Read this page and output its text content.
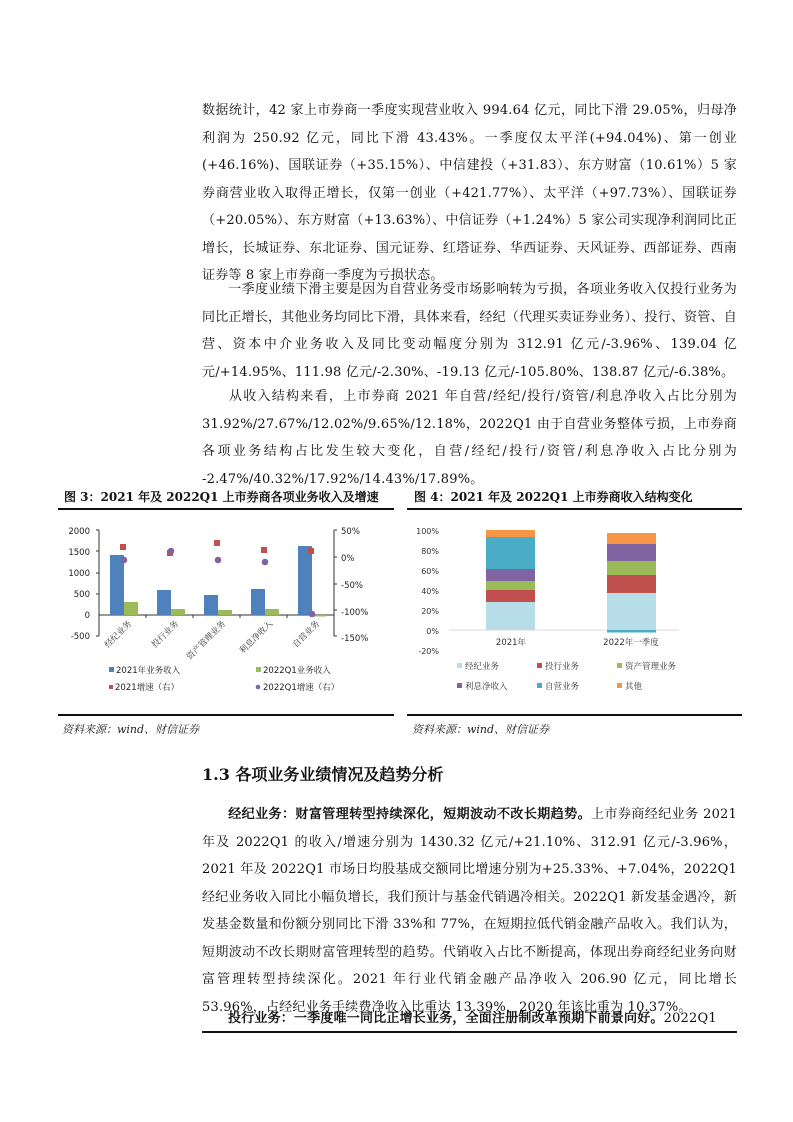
数据统计，42 家上市券商一季度实现营业收入 994.64 亿元，同比下滑 29.05%，归母净利润为 250.92 亿元，同比下滑 43.43%。一季度仅太平洋(+94.04%)、第一创业(+46.16%)、国联证券（+35.15%）、中信建投（+31.83）、东方财富（10.61%）5 家券商营业收入取得正增长，仅第一创业（+421.77%）、太平洋（+97.73%）、国联证券（+20.05%）、东方财富（+13.63%）、中信证券（+1.24%）5 家公司实现净利润同比正增长，长城证券、东北证券、国元证券、红塔证券、华西证券、天风证券、西部证券、西南证券等 8 家上市券商一季度为亏损状态。

一季度业绩下滑主要是因为自营业务受市场影响转为亏损，各项业务收入仅投行业务为同比正增长，其他业务均同比下滑，具体来看，经纪（代理买卖证券业务）、投行、资管、自营、资本中介业务收入及同比变动幅度分别为 312.91 亿元/-3.96%、139.04 亿元/+14.95%、111.98 亿元/-2.30%、-19.13 亿元/-105.80%、138.87 亿元/-6.38%。

从收入结构来看，上市券商 2021 年自营/经纪/投行/资管/利息净收入占比分别为 31.92%/27.67%/12.02%/9.65%/12.18%，2022Q1 由于自营业务整体亏损，上市券商各项业务结构占比发生较大变化，自营/经纪/投行/资管/利息净收入占比分别为 -2.47%/40.32%/17.92%/14.43%/17.89%。

图 3：2021 年及 2022Q1 上市券商各项业务收入及增速

2000
1500
1000
500
0
-500
50%
0%
-50%
-100%
-150%
经纪业务 投行业务 资产管理业务 利息净收入 自营业务
2021年业务收入	2022Q1业务收入
2021增速（右）	2022Q1增速（右）
资料来源：wind、财信证券

图 4：2021 年及 2022Q1 上市券商收入结构变化

100%
80%
60%
40%
20%
0%
-20%
2021年	2022年一季度
经纪业务	投行业务	资产管理业务
利息净收入	自营业务	其他
资料来源：wind、财信证券
1.3 各项业务业绩情况及趋势分析

经纪业务：财富管理转型持续深化，短期波动不改长期趋势。上市券商经纪业务 2021 年及 2022Q1 的收入/增速分别为 1430.32 亿元/+21.10%、312.91 亿元/-3.96%，2021 年及 2022Q1 市场日均股基成交额同比增速分别为+25.33%、+7.04%，2022Q1 经纪业务收入同比小幅负增长，我们预计与基金代销遇冷相关。2022Q1 新发基金遇冷，新发基金数量和份额分别同比下滑 33%和 77%，在短期拉低代销金融产品收入。我们认为，短期波动不改长期财富管理转型的趋势。代销收入占比不断提高，体现出券商经纪业务向财富管理转型持续深化。2021 年行业代销金融产品净收入 206.90 亿元，同比增长 53.96%，占经纪业务手续费净收入比重达 13.39%，2020 年该比重为 10.37%。

投行业务：一季度唯一同比正增长业务，全面注册制改革预期下前景向好。2022Q1
